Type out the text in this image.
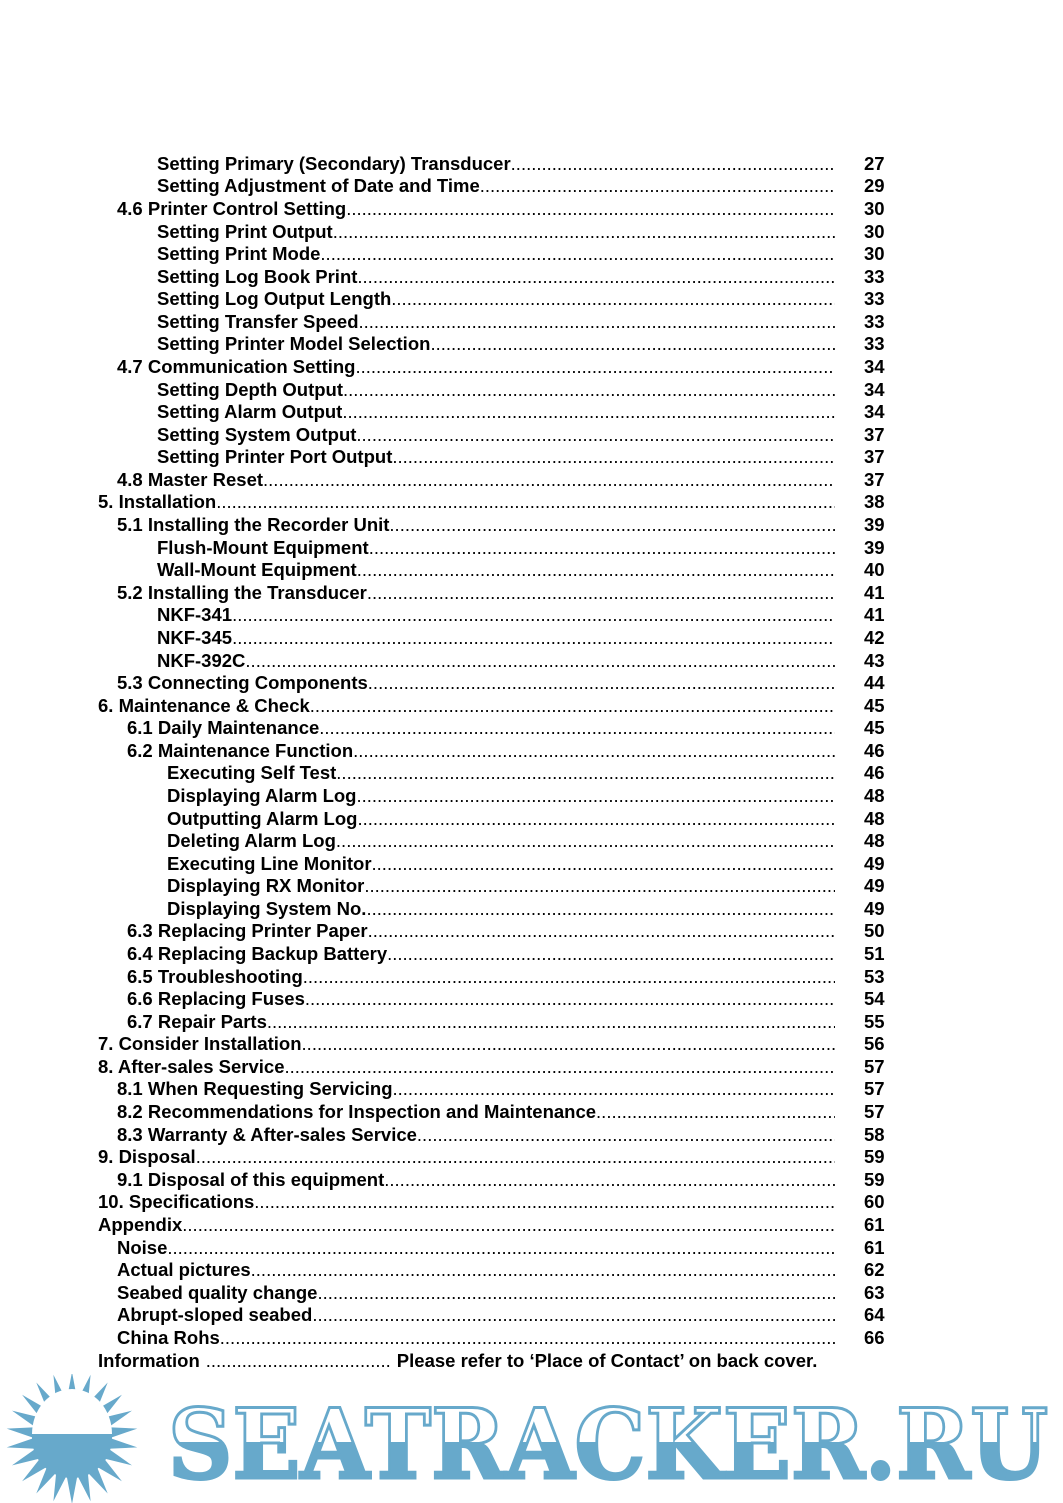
Setting Primary (Secondary) Transducer .....	27
Setting Adjustment of Date and Time .....	29
4.6 Printer Control Setting .....	30
Setting Print Output .....	30
Setting Print Mode .....	30
Setting Log Book Print .....	33
Setting Log Output Length .....	33
Setting Transfer Speed .....	33
Setting Printer Model Selection .....	33
4.7 Communication Setting .....	34
Setting Depth Output .....	34
Setting Alarm Output .....	34
Setting System Output .....	37
Setting Printer Port Output .....	37
4.8 Master Reset .....	37
5. Installation .....	38
5.1 Installing the Recorder Unit .....	39
Flush-Mount Equipment .....	39
Wall-Mount Equipment .....	40
5.2 Installing the Transducer .....	41
NKF-341 .....	41
NKF-345 .....	42
NKF-392C .....	43
5.3 Connecting Components .....	44
6. Maintenance & Check .....	45
6.1 Daily Maintenance .....	45
6.2 Maintenance Function .....	46
Executing Self Test .....	46
Displaying Alarm Log .....	48
Outputting Alarm Log .....	48
Deleting Alarm Log .....	48
Executing Line Monitor .....	49
Displaying RX Monitor .....	49
Displaying System No. .....	49
6.3 Replacing Printer Paper .....	50
6.4 Replacing Backup Battery .....	51
6.5 Troubleshooting .....	53
6.6 Replacing Fuses .....	54
6.7 Repair Parts .....	55
7. Consider Installation .....	56
8. After-sales Service .....	57
8.1 When Requesting Servicing .....	57
8.2 Recommendations for Inspection and Maintenance .....	57
8.3 Warranty & After-sales Service .....	58
9. Disposal .....	59
9.1 Disposal of this equipment .....	59
10. Specifications .....	60
Appendix .....	61
Noise .....	61
Actual pictures .....	62
Seabed quality change .....	63
Abrupt-sloped seabed .....	64
China Rohs .....	66
Information .................................... Please refer to ‘Place of Contact’ on back cover.
SEATRACKER.RU
